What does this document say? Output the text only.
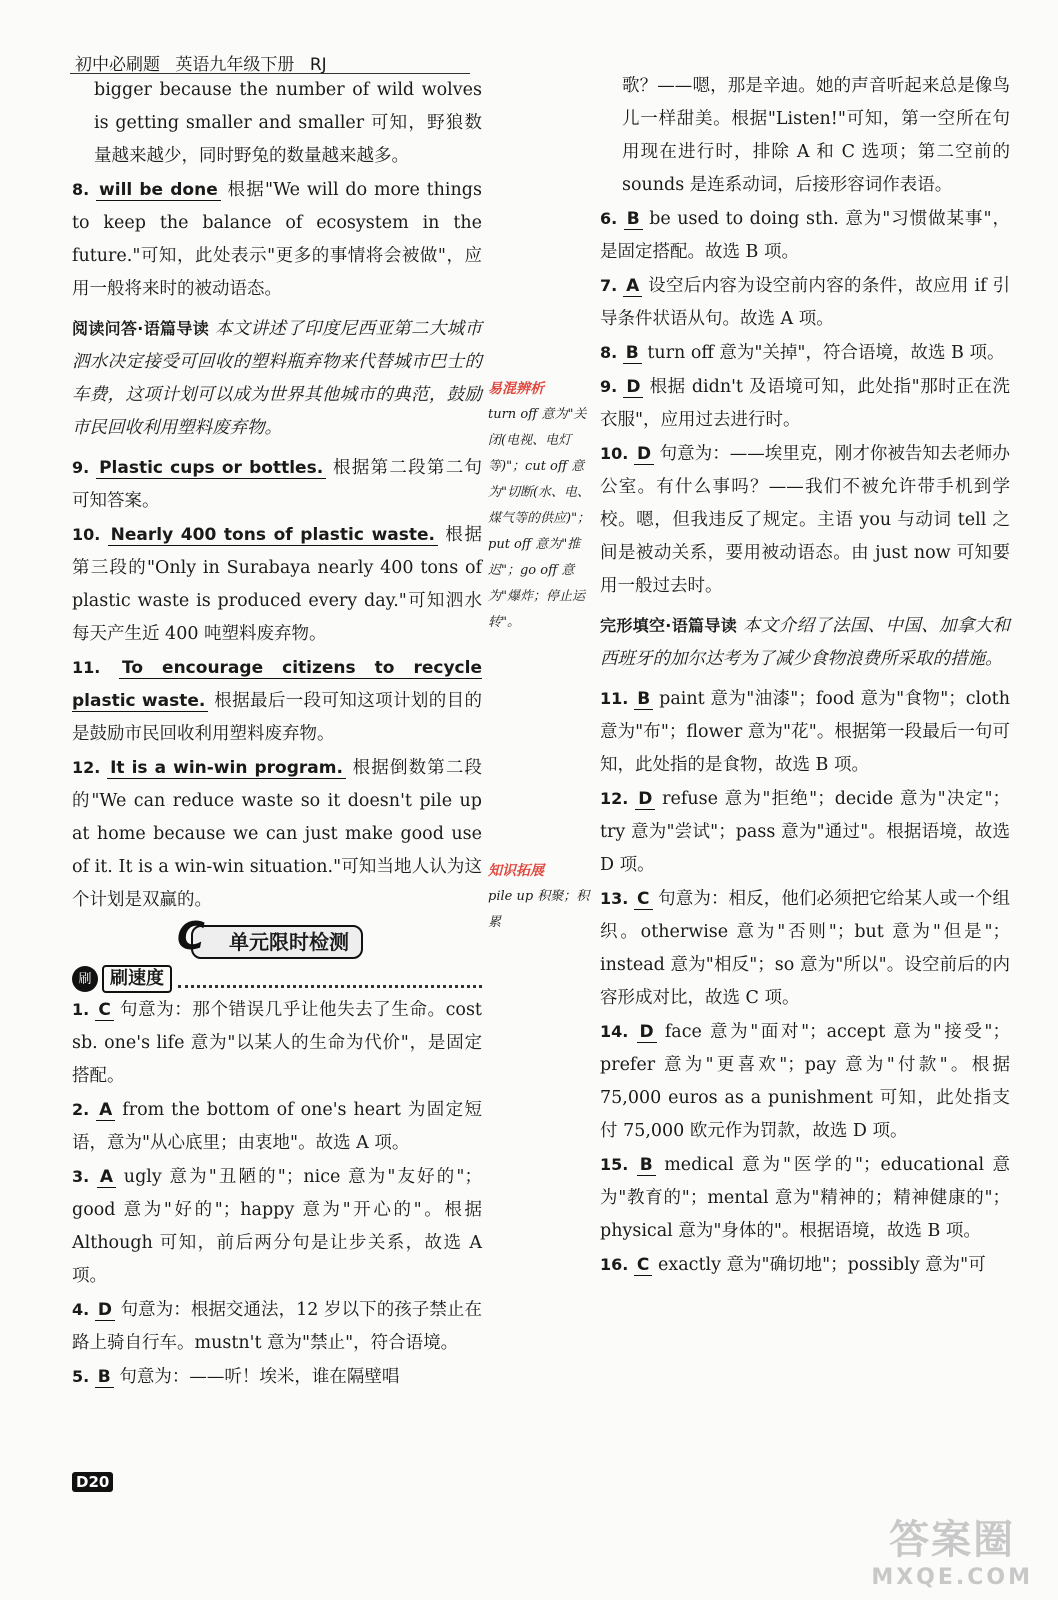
初中必刷题 英语九年级下册 RJ

bigger because the number of wild wolves is getting smaller and smaller 可知，野狼数量越来越少，同时野兔的数量越来越多。

8. will be done 根据"We will do more things to keep the balance of ecosystem in the future."可知，此处表示"更多的事情将会被做"，应用一般将来时的被动语态。

阅读问答·语篇导读 本文讲述了印度尼西亚第二大城市泗水决定接受可回收的塑料瓶弃物来代替城市巴士的车费，这项计划可以成为世界其他城市的典范，鼓励市民回收利用塑料废弃物。

9. Plastic cups or bottles. 根据第二段第二句可知答案。

10. Nearly 400 tons of plastic waste. 根据第三段的"Only in Surabaya nearly 400 tons of plastic waste is produced every day."可知泗水每天产生近 400 吨塑料废弃物。

11. To encourage citizens to recycle plastic waste. 根据最后一段可知这项计划的目的是鼓励市民回收利用塑料废弃物。

12. It is a win-win program. 根据倒数第二段的"We can reduce waste so it doesn't pile up at home because we can just make good use of it. It is a win-win situation."可知当地人认为这个计划是双赢的。

C 单元限时检测
刷	刷速度

1. C 句意为：那个错误几乎让他失去了生命。cost sb. one's life 意为"以某人的生命为代价"，是固定搭配。

2. A from the bottom of one's heart 为固定短语，意为"从心底里；由衷地"。故选 A 项。

3. A ugly 意为"丑陋的"；nice 意为"友好的"；good 意为"好的"；happy 意为"开心的"。根据 Although 可知，前后两分句是让步关系，故选 A 项。

4. D 句意为：根据交通法，12 岁以下的孩子禁止在路上骑自行车。mustn't 意为"禁止"，符合语境。

5. B 句意为：——听！埃米，谁在隔壁唱

易混辨析
turn off 意为"关闭(电视、电灯等)"；cut off 意为"切断(水、电、煤气等的供应)"；put off 意为"推迟"；go off 意为"爆炸；停止运转"。
知识拓展
pile up 积聚；积累

歌？——嗯，那是辛迪。她的声音听起来总是像鸟儿一样甜美。根据"Listen!"可知，第一空所在句用现在进行时，排除 A 和 C 选项；第二空前的 sounds 是连系动词，后接形容词作表语。

6. B be used to doing sth. 意为"习惯做某事"，是固定搭配。故选 B 项。

7. A 设空后内容为设空前内容的条件，故应用 if 引导条件状语从句。故选 A 项。

8. B turn off 意为"关掉"，符合语境，故选 B 项。

9. D 根据 didn't 及语境可知，此处指"那时正在洗衣服"，应用过去进行时。

10. D 句意为：——埃里克，刚才你被告知去老师办公室。有什么事吗？——我们不被允许带手机到学校。嗯，但我违反了规定。主语 you 与动词 tell 之间是被动关系，要用被动语态。由 just now 可知要用一般过去时。

完形填空·语篇导读 本文介绍了法国、中国、加拿大和西班牙的加尔达考为了减少食物浪费所采取的措施。

11. B paint 意为"油漆"；food 意为"食物"；cloth 意为"布"；flower 意为"花"。根据第一段最后一句可知，此处指的是食物，故选 B 项。

12. D refuse 意为"拒绝"；decide 意为"决定"；try 意为"尝试"；pass 意为"通过"。根据语境，故选 D 项。

13. C 句意为：相反，他们必须把它给某人或一个组织。otherwise 意为"否则"；but 意为"但是"；instead 意为"相反"；so 意为"所以"。设空前后的内容形成对比，故选 C 项。

14. D face 意为"面对"；accept 意为"接受"；prefer 意为"更喜欢"；pay 意为"付款"。根据 75,000 euros as a punishment 可知，此处指支付 75,000 欧元作为罚款，故选 D 项。

15. B medical 意为"医学的"；educational 意为"教育的"；mental 意为"精神的；精神健康的"；physical 意为"身体的"。根据语境，故选 B 项。

16. C exactly 意为"确切地"；possibly 意为"可

D20
答案圈
MXQE.COM
